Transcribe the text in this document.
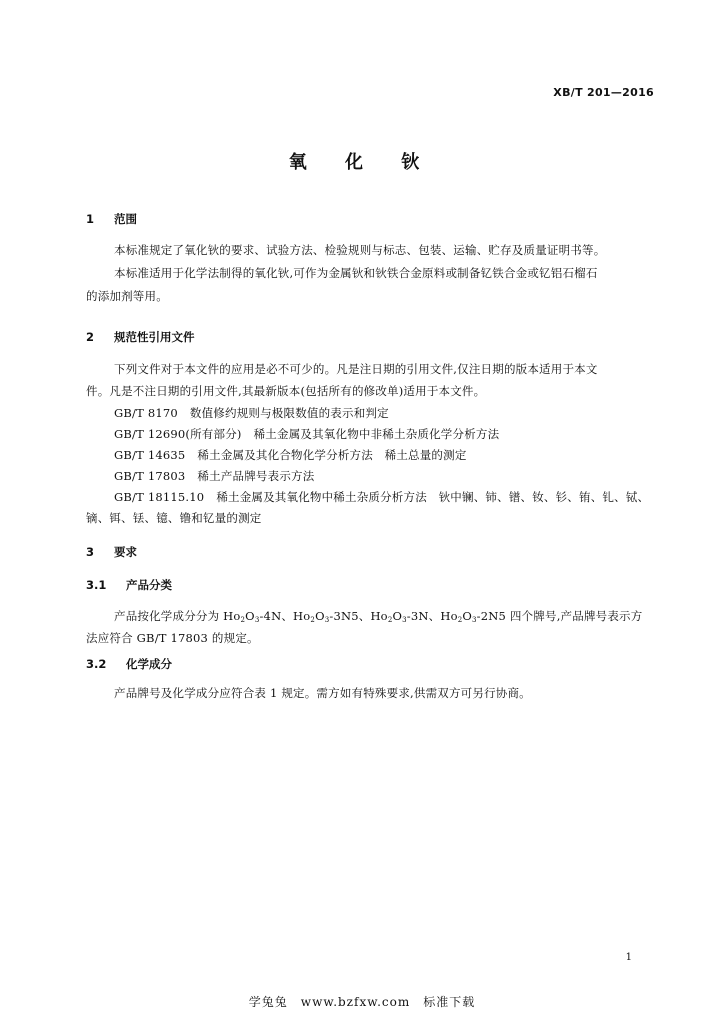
XB/T 201—2016
氧 化 钬
1 范围
本标准规定了氧化钬的要求、试验方法、检验规则与标志、包装、运输、贮存及质量证明书等。
本标准适用于化学法制得的氧化钬,可作为金属钬和钬铁合金原料或制备钇铁合金或钇铝石榴石
的添加剂等用。
2 规范性引用文件
下列文件对于本文件的应用是必不可少的。凡是注日期的引用文件,仅注日期的版本适用于本文
件。凡是不注日期的引用文件,其最新版本(包括所有的修改单)适用于本文件。
GB/T 8170 数值修约规则与极限数值的表示和判定
GB/T 12690(所有部分) 稀土金属及其氧化物中非稀土杂质化学分析方法
GB/T 14635 稀土金属及其化合物化学分析方法　稀土总量的测定
GB/T 17803 稀土产品牌号表示方法
GB/T 18115.10 稀土金属及其氧化物中稀土杂质分析方法　钬中镧、铈、镨、钕、钐、铕、钆、铽、
镝、铒、铥、镱、镥和钇量的测定
3 要求
3.1 产品分类
产品按化学成分分为 $Ho_2O_3-4N$、$Ho_2O_3-3N5$、$Ho_2O_3-3N$、$Ho_2O_3-2N5$ 四个牌号,产品牌号表示方
法应符合 GB/T 17803 的规定。
3.2 化学成分
产品牌号及化学成分应符合表 1 规定。需方如有特殊要求,供需双方可另行协商。
1
学兔兔　www.bzfxw.com　标准下载
